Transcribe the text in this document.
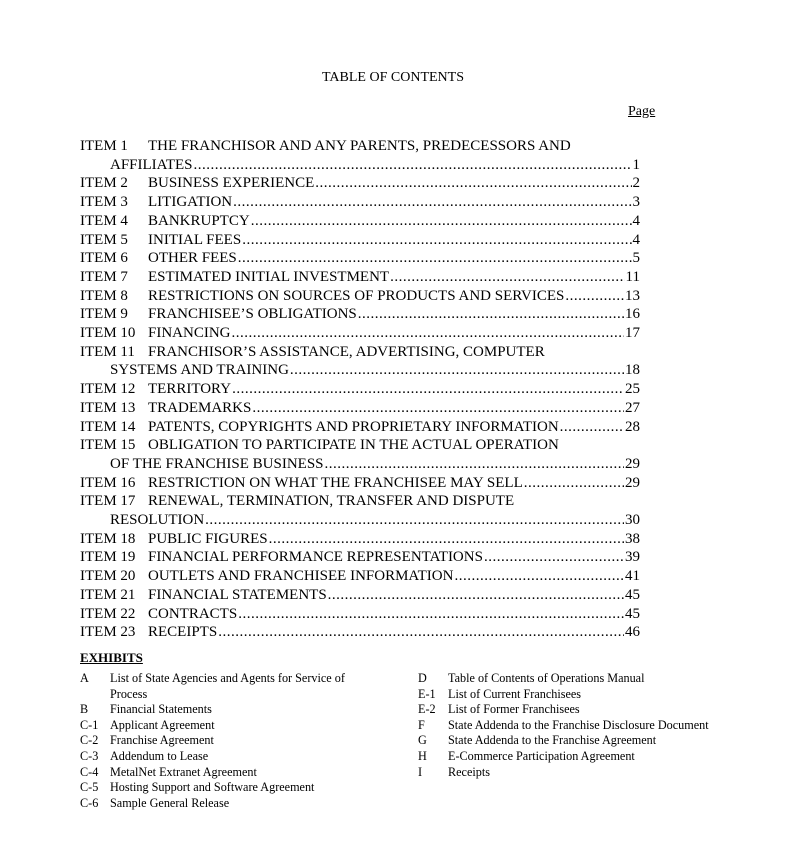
TABLE OF CONTENTS
Page
ITEM 1	THE FRANCHISOR AND ANY PARENTS, PREDECESSORS AND
AFFILIATES .....	1
ITEM 2	BUSINESS EXPERIENCE .....	2
ITEM 3	LITIGATION .....	3
ITEM 4	BANKRUPTCY .....	4
ITEM 5	INITIAL FEES .....	4
ITEM 6	OTHER FEES .....	5
ITEM 7	ESTIMATED INITIAL INVESTMENT .....	11
ITEM 8	RESTRICTIONS ON SOURCES OF PRODUCTS AND SERVICES .....	13
ITEM 9	FRANCHISEE’S OBLIGATIONS .....	16
ITEM 10 FINANCING .....	17
ITEM 11 FRANCHISOR’S ASSISTANCE, ADVERTISING, COMPUTER
SYSTEMS AND TRAINING .....	18
ITEM 12 TERRITORY .....	25
ITEM 13 TRADEMARKS .....	27
ITEM 14 PATENTS, COPYRIGHTS AND PROPRIETARY INFORMATION .....	28
ITEM 15 OBLIGATION TO PARTICIPATE IN THE ACTUAL OPERATION
OF THE FRANCHISE BUSINESS .....	29
ITEM 16 RESTRICTION ON WHAT THE FRANCHISEE MAY SELL .....	29
ITEM 17 RENEWAL, TERMINATION, TRANSFER AND DISPUTE
RESOLUTION .....	30
ITEM 18 PUBLIC FIGURES .....	38
ITEM 19 FINANCIAL PERFORMANCE REPRESENTATIONS .....	39
ITEM 20 OUTLETS AND FRANCHISEE INFORMATION .....	41
ITEM 21 FINANCIAL STATEMENTS .....	45
ITEM 22 CONTRACTS .....	45
ITEM 23 RECEIPTS .....	46
EXHIBITS
A	List of State Agencies and Agents for Service of Process
B	Financial Statements
C-1 Applicant Agreement
C-2 Franchise Agreement
C-3 Addendum to Lease
C-4 MetalNet Extranet Agreement
C-5 Hosting Support and Software Agreement
C-6 Sample General Release
D	Table of Contents of Operations Manual
E-1	List of Current Franchisees
E-2	List of Former Franchisees
F	State Addenda to the Franchise Disclosure Document
G	State Addenda to the Franchise Agreement
H	E-Commerce Participation Agreement
I	Receipts
